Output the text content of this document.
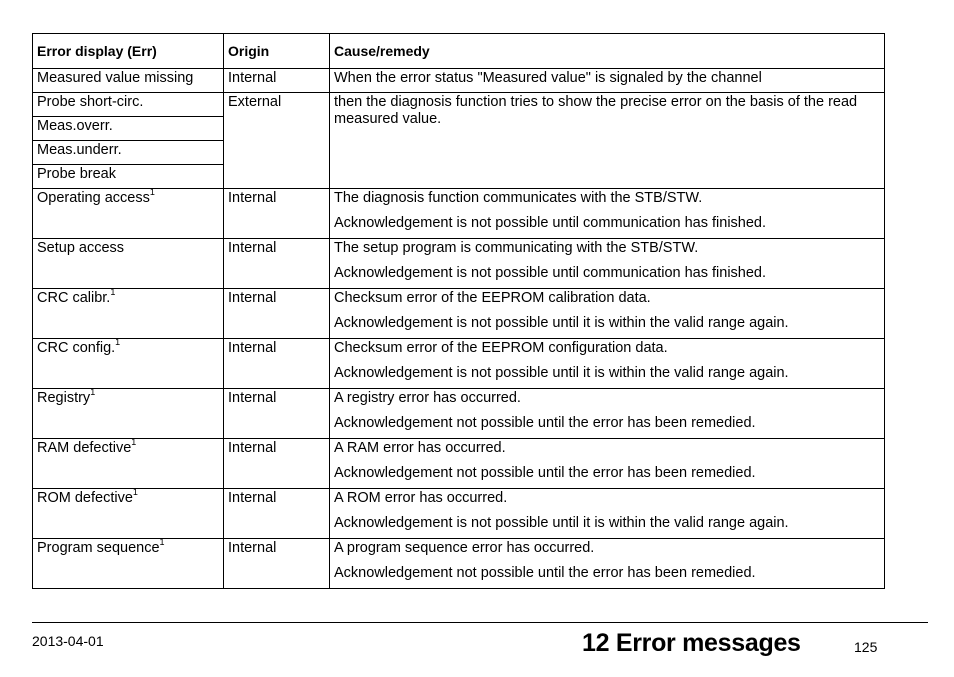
Error display (Err)	Origin	Cause/remedy
Measured value missing	Internal	When the error status "Measured value" is signaled by the channel
Probe short-circ.	External	then the diagnosis function tries to show the precise error on the basis of the read measured value.
Meas.overr.		
Meas.underr.		
Probe break		
Operating access$^1$	Internal	The diagnosis function communicates with the STB/STW.
Acknowledgement is not possible until communication has finished.

Setup access	Internal	The setup program is communicating with the STB/STW.
Acknowledgement is not possible until communication has finished.

CRC calibr.$^1$	Internal	Checksum error of the EEPROM calibration data.
Acknowledgement is not possible until it is within the valid range again.

CRC config.$^1$	Internal	Checksum error of the EEPROM configuration data.
Acknowledgement is not possible until it is within the valid range again.

Registry$^1$	Internal	A registry error has occurred.
Acknowledgement not possible until the error has been remedied.

RAM defective$^1$	Internal	A RAM error has occurred.
Acknowledgement not possible until the error has been remedied.

ROM defective$^1$	Internal	A ROM error has occurred.
Acknowledgement is not possible until it is within the valid range again.

Program sequence$^1$	Internal	A program sequence error has occurred.
Acknowledgement not possible until the error has been remedied.
2013-04-01	12 Error messages	125
